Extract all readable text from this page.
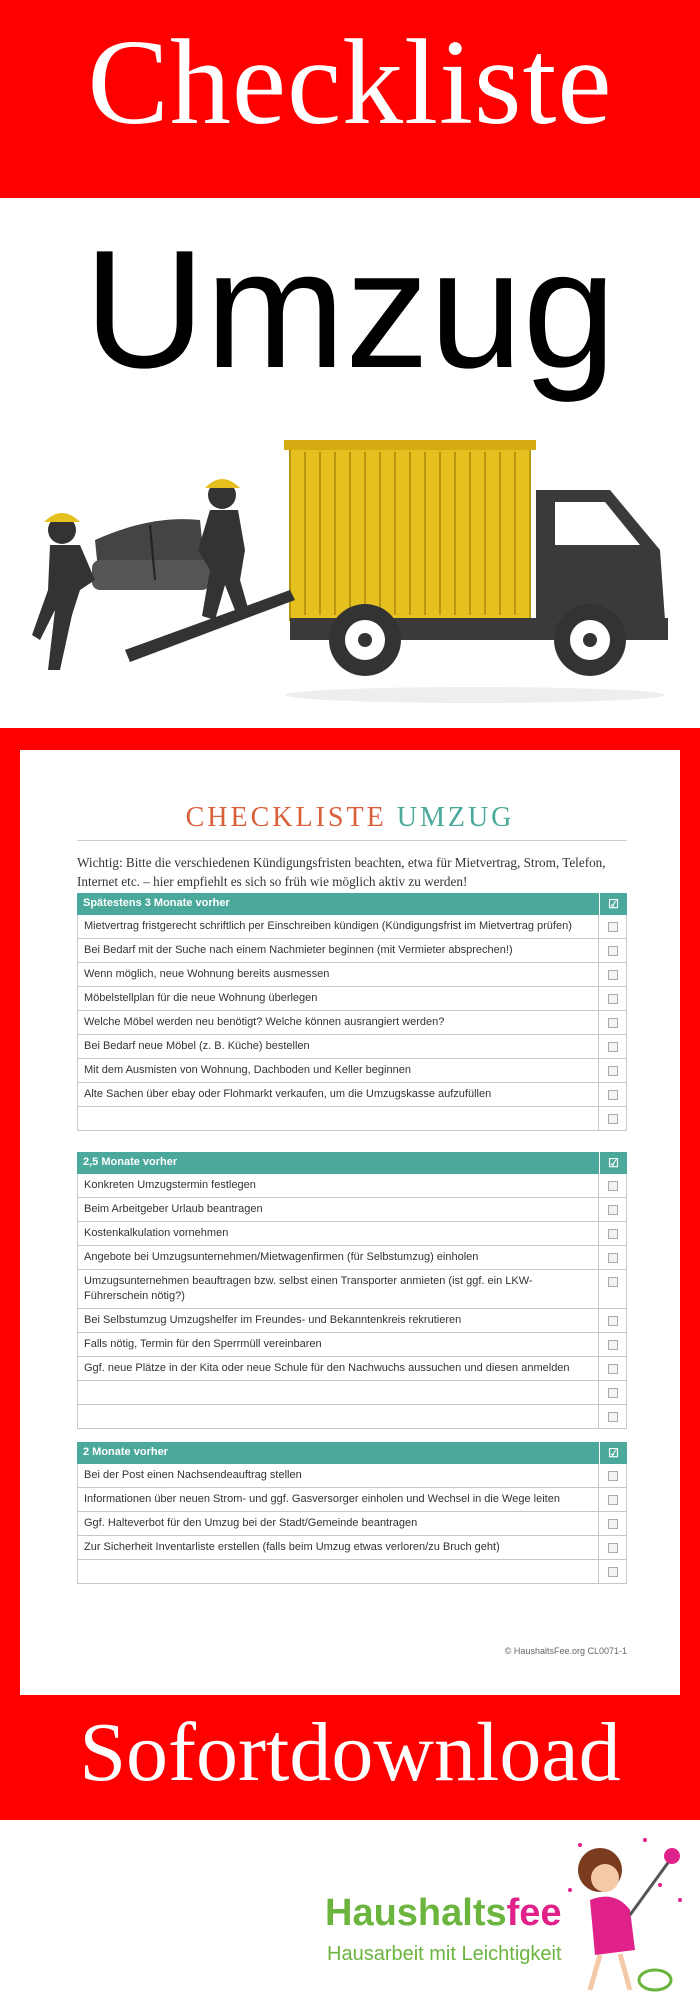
Checkliste
Umzug
CHECKLISTE UMZUG
Wichtig: Bitte die verschiedenen Kündigungsfristen beachten, etwa für Mietvertrag, Strom, Telefon, Internet etc. – hier empfiehlt es sich so früh wie möglich aktiv zu werden!
Spätestens 3 Monate vorher	☑
Mietvertrag fristgerecht schriftlich per Einschreiben kündigen (Kündigungsfrist im Mietvertrag prüfen)
Bei Bedarf mit der Suche nach einem Nachmieter beginnen (mit Vermieter absprechen!)
Wenn möglich, neue Wohnung bereits ausmessen
Möbelstellplan für die neue Wohnung überlegen
Welche Möbel werden neu benötigt? Welche können ausrangiert werden?
Bei Bedarf neue Möbel (z. B. Küche) bestellen
Mit dem Ausmisten von Wohnung, Dachboden und Keller beginnen
Alte Sachen über ebay oder Flohmarkt verkaufen, um die Umzugskasse aufzufüllen
2,5 Monate vorher	☑
Konkreten Umzugstermin festlegen
Beim Arbeitgeber Urlaub beantragen
Kostenkalkulation vornehmen
Angebote bei Umzugsunternehmen/Mietwagenfirmen (für Selbstumzug) einholen
Umzugsunternehmen beauftragen bzw. selbst einen Transporter anmieten (ist ggf. ein LKW-Führerschein nötig?)
Bei Selbstumzug Umzugshelfer im Freundes- und Bekanntenkreis rekrutieren
Falls nötig, Termin für den Sperrmüll vereinbaren
Ggf. neue Plätze in der Kita oder neue Schule für den Nachwuchs aussuchen und diesen anmelden
2 Monate vorher	☑
Bei der Post einen Nachsendeauftrag stellen
Informationen über neuen Strom- und ggf. Gasversorger einholen und Wechsel in die Wege leiten
Ggf. Halteverbot für den Umzug bei der Stadt/Gemeinde beantragen
Zur Sicherheit Inventarliste erstellen (falls beim Umzug etwas verloren/zu Bruch geht)
© HaushaltsFee.org CL0071-1
Sofortdownload
Haushaltsfee
Hausarbeit mit Leichtigkeit
